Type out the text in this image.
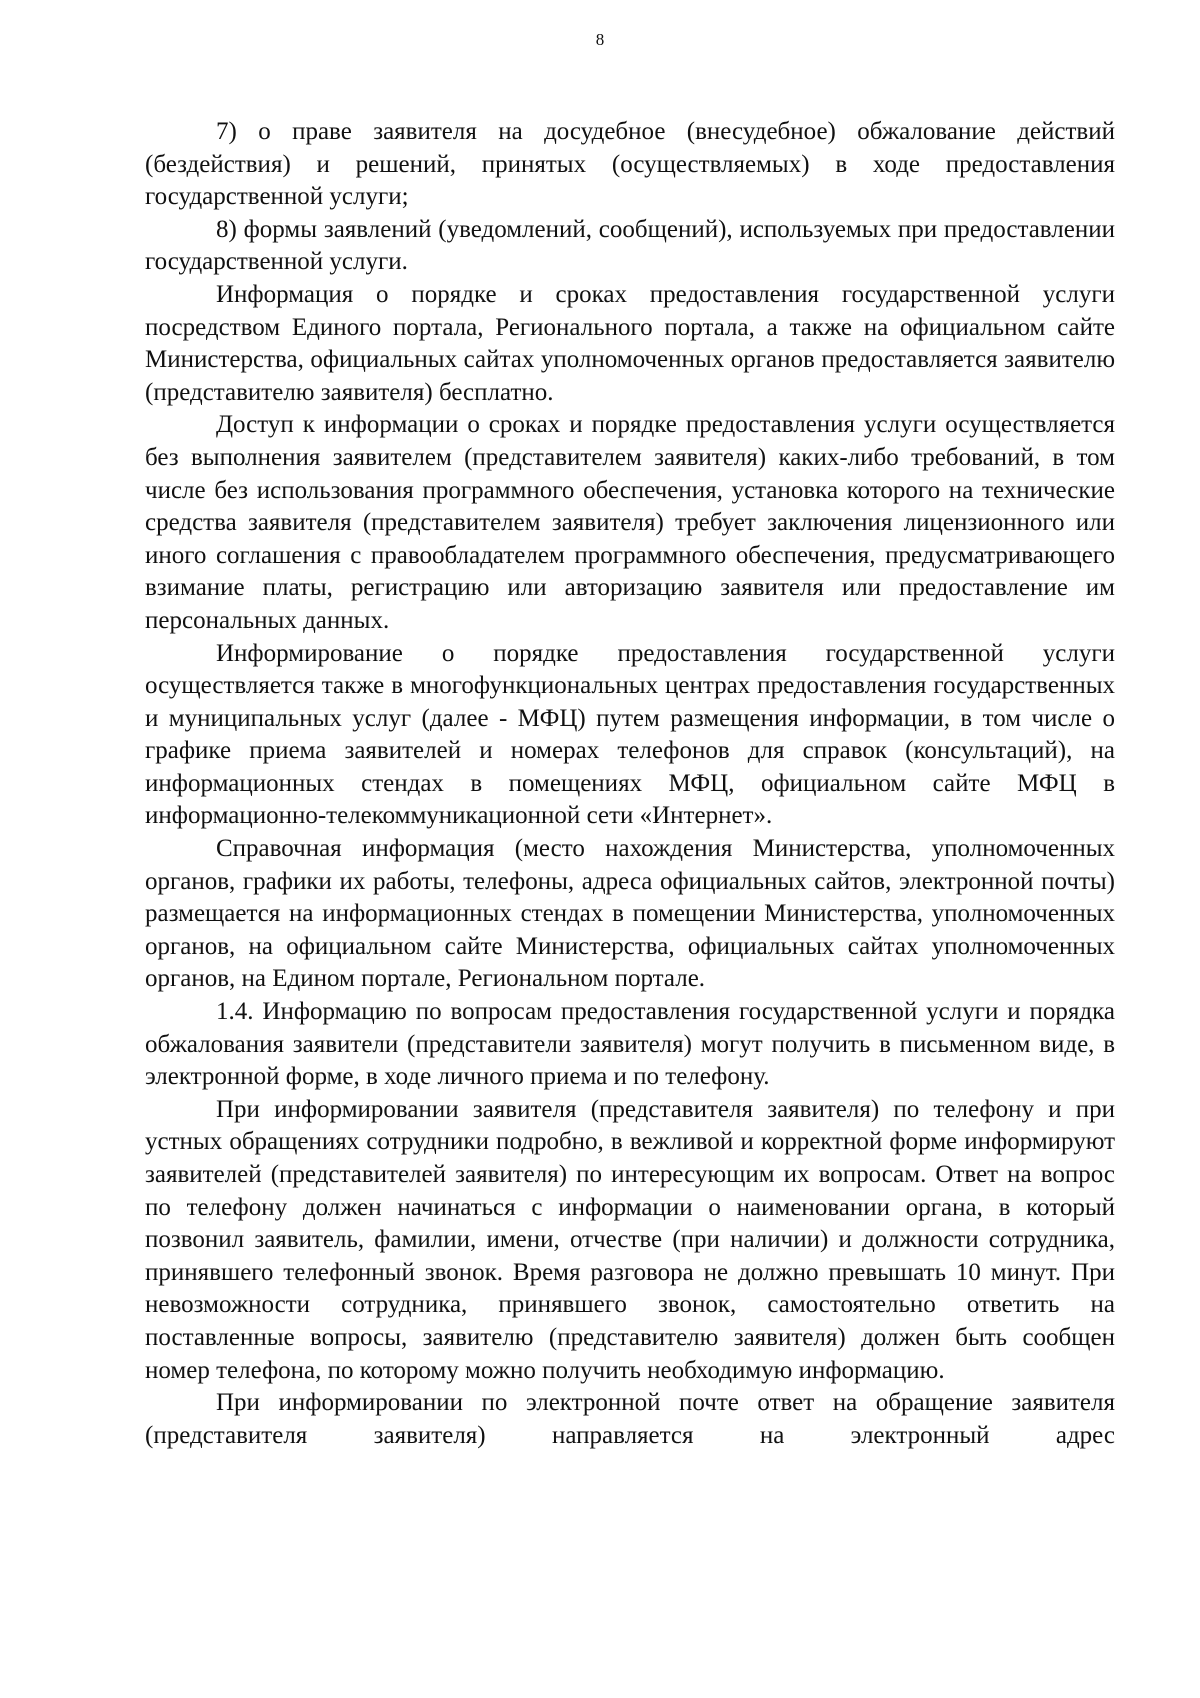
8

7) о праве заявителя на досудебное (внесудебное) обжалование действий (бездействия) и решений, принятых (осуществляемых) в ходе предоставления государственной услуги;

8) формы заявлений (уведомлений, сообщений), используемых при предоставлении государственной услуги.

Информация о порядке и сроках предоставления государственной услуги посредством Единого портала, Регионального портала, а также на официальном сайте Министерства, официальных сайтах уполномоченных органов предоставляется заявителю (представителю заявителя) бесплатно.

Доступ к информации о сроках и порядке предоставления услуги осуществляется без выполнения заявителем (представителем заявителя) каких-либо требований, в том числе без использования программного обеспечения, установка которого на технические средства заявителя (представителем заявителя) требует заключения лицензионного или иного соглашения с правообладателем программного обеспечения, предусматривающего взимание платы, регистрацию или авторизацию заявителя или предоставление им персональных данных.

Информирование о порядке предоставления государственной услуги осуществляется также в многофункциональных центрах предоставления государственных и муниципальных услуг (далее - МФЦ) путем размещения информации, в том числе о графике приема заявителей и номерах телефонов для справок (консультаций), на информационных стендах в помещениях МФЦ, официальном сайте МФЦ в информационно-телекоммуникационной сети «Интернет».

Справочная информация (место нахождения Министерства, уполномоченных органов, графики их работы, телефоны, адреса официальных сайтов, электронной почты) размещается на информационных стендах в помещении Министерства, уполномоченных органов, на официальном сайте Министерства, официальных сайтах уполномоченных органов, на Едином портале, Региональном портале.

1.4. Информацию по вопросам предоставления государственной услуги и порядка обжалования заявители (представители заявителя) могут получить в письменном виде, в электронной форме, в ходе личного приема и по телефону.

При информировании заявителя (представителя заявителя) по телефону и при устных обращениях сотрудники подробно, в вежливой и корректной форме информируют заявителей (представителей заявителя) по интересующим их вопросам. Ответ на вопрос по телефону должен начинаться с информации о наименовании органа, в который позвонил заявитель, фамилии, имени, отчестве (при наличии) и должности сотрудника, принявшего телефонный звонок. Время разговора не должно превышать 10 минут. При невозможности сотрудника, принявшего звонок, самостоятельно ответить на поставленные вопросы, заявителю (представителю заявителя) должен быть сообщен номер телефона, по которому можно получить необходимую информацию.

При информировании по электронной почте ответ на обращение заявителя (представителя заявителя) направляется на электронный адрес
